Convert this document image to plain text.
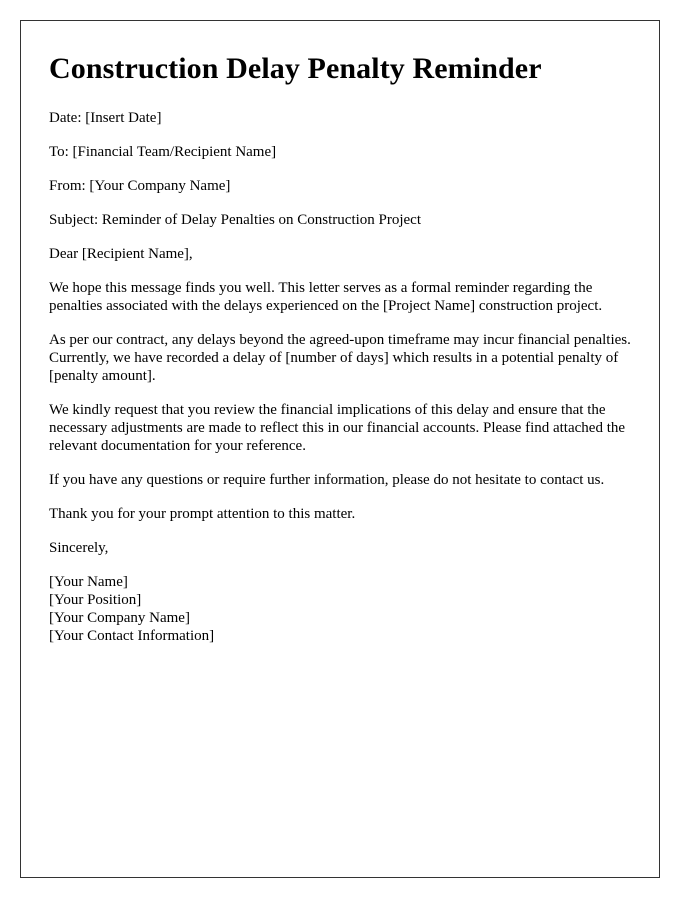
Construction Delay Penalty Reminder

Date: [Insert Date]

To: [Financial Team/Recipient Name]

From: [Your Company Name]

Subject: Reminder of Delay Penalties on Construction Project

Dear [Recipient Name],

We hope this message finds you well. This letter serves as a formal reminder regarding the penalties associated with the delays experienced on the [Project Name] construction project.

As per our contract, any delays beyond the agreed-upon timeframe may incur financial penalties. Currently, we have recorded a delay of [number of days] which results in a potential penalty of [penalty amount].

We kindly request that you review the financial implications of this delay and ensure that the necessary adjustments are made to reflect this in our financial accounts. Please find attached the relevant documentation for your reference.

If you have any questions or require further information, please do not hesitate to contact us.

Thank you for your prompt attention to this matter.

Sincerely,

[Your Name]

[Your Position]

[Your Company Name]

[Your Contact Information]
